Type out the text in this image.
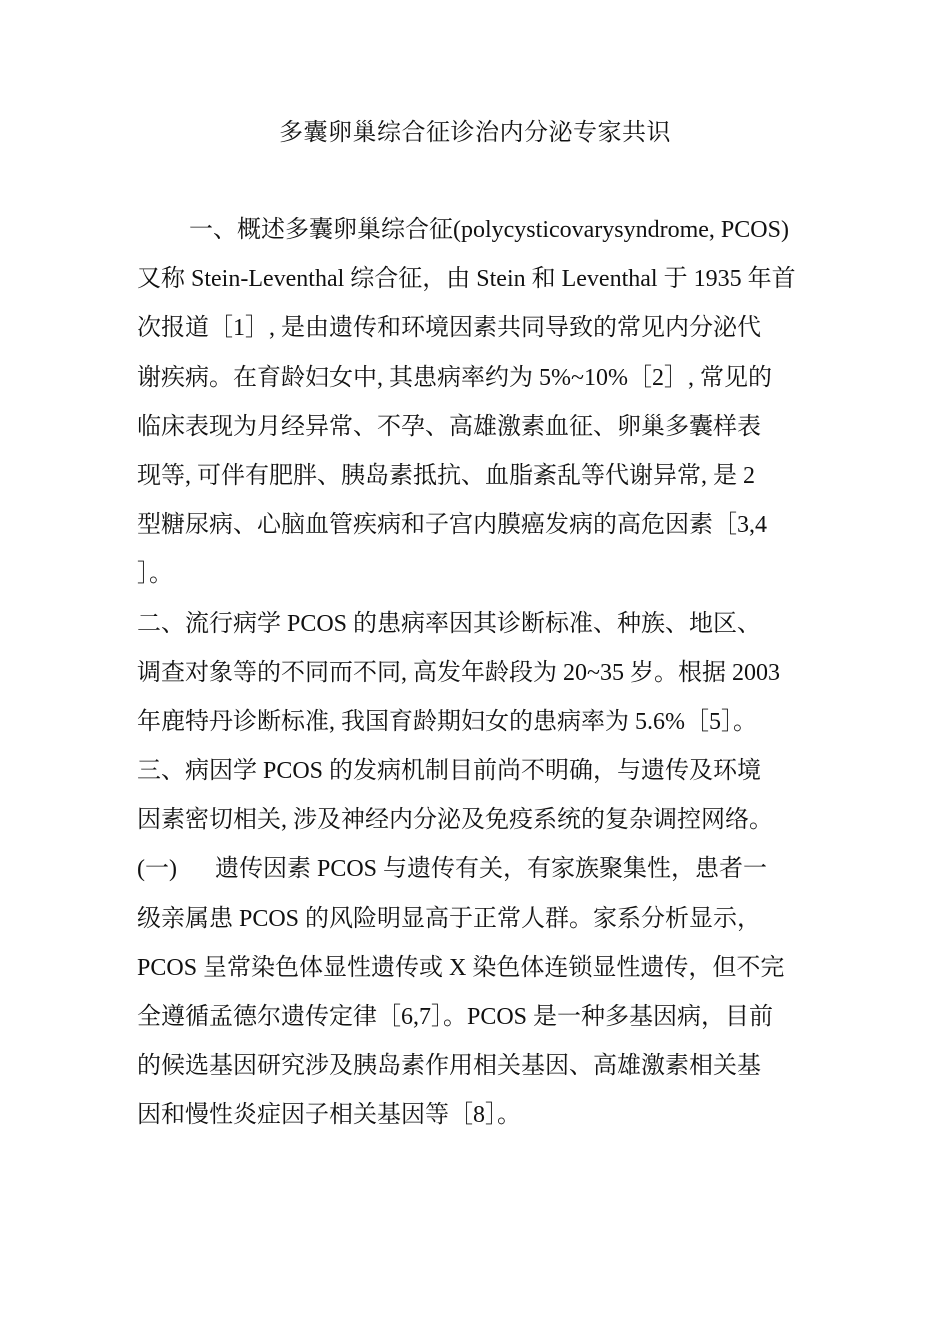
多囊卵巢综合征诊治内分泌专家共识
一、概述多囊卵巢综合征(polycysticovarysyndrome, PCOS)
又称 Stein-Leventhal 综合征，由 Stein 和 Leventhal 于 1935 年首
次报道［1］, 是由遗传和环境因素共同导致的常见内分泌代
谢疾病。在育龄妇女中, 其患病率约为 5%~10%［2］, 常见的
临床表现为月经异常、不孕、高雄激素血征、卵巢多囊样表
现等, 可伴有肥胖、胰岛素抵抗、血脂紊乱等代谢异常, 是 2
型糖尿病、心脑血管疾病和子宫内膜癌发病的高危因素［3,4
］。
二、流行病学 PCOS 的患病率因其诊断标准、种族、地区、
调查对象等的不同而不同, 高发年龄段为 20~35 岁。根据 2003
年鹿特丹诊断标准, 我国育龄期妇女的患病率为 5.6%［5］。
三、病因学 PCOS 的发病机制目前尚不明确，与遗传及环境
因素密切相关, 涉及神经内分泌及免疫系统的复杂调控网络。
(一) 遗传因素 PCOS 与遗传有关，有家族聚集性，患者一
级亲属患 PCOS 的风险明显高于正常人群。家系分析显示，
PCOS 呈常染色体显性遗传或 X 染色体连锁显性遗传，但不完
全遵循孟德尔遗传定律［6,7］。PCOS 是一种多基因病，目前
的候选基因研究涉及胰岛素作用相关基因、高雄激素相关基
因和慢性炎症因子相关基因等［8］。
